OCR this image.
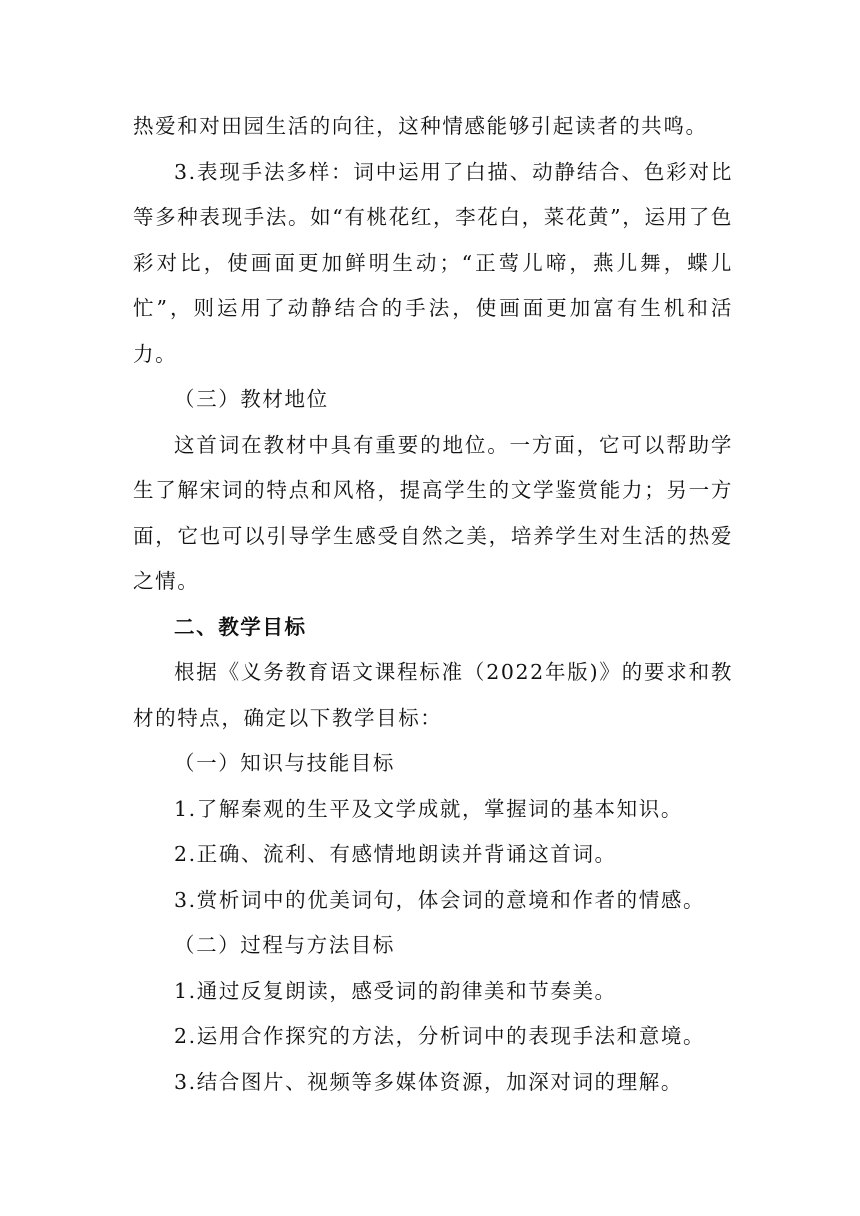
热爱和对田园生活的向往，这种情感能够引起读者的共鸣。

3.表现手法多样：词中运用了白描、动静结合、色彩对比等多种表现手法。如“有桃花红，李花白，菜花黄”，运用了色彩对比，使画面更加鲜明生动；“正莺儿啼，燕儿舞，蝶儿忙”，则运用了动静结合的手法，使画面更加富有生机和活力。

（三）教材地位

这首词在教材中具有重要的地位。一方面，它可以帮助学生了解宋词的特点和风格，提高学生的文学鉴赏能力；另一方面，它也可以引导学生感受自然之美，培养学生对生活的热爱之情。

二、教学目标

根据《义务教育语文课程标准（2022年版)》的要求和教材的特点，确定以下教学目标：

（一）知识与技能目标

1.了解秦观的生平及文学成就，掌握词的基本知识。

2.正确、流利、有感情地朗读并背诵这首词。

3.赏析词中的优美词句，体会词的意境和作者的情感。

（二）过程与方法目标

1.通过反复朗读，感受词的韵律美和节奏美。

2.运用合作探究的方法，分析词中的表现手法和意境。

3.结合图片、视频等多媒体资源，加深对词的理解。
